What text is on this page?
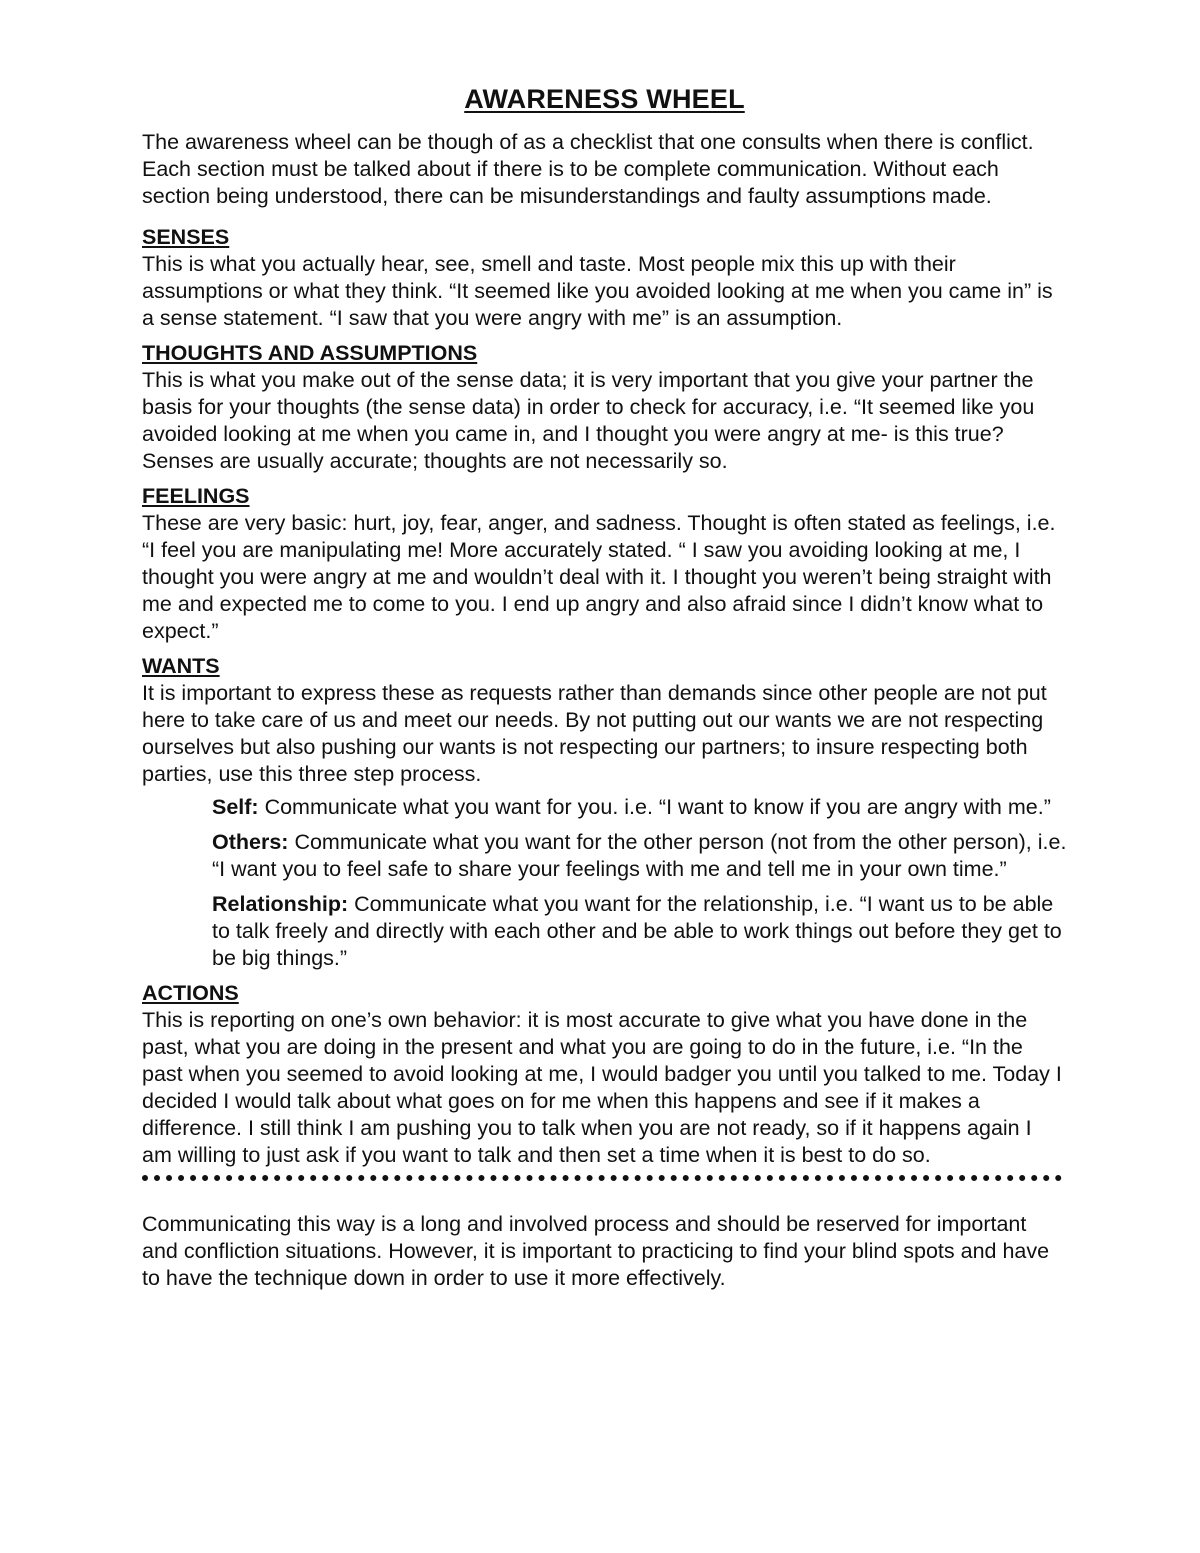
AWARENESS WHEEL

The awareness wheel can be though of as a checklist that one consults when there is conflict. Each section must be talked about if there is to be complete communication. Without each section being understood, there can be misunderstandings and faulty assumptions made.

SENSES

This is what you actually hear, see, smell and taste. Most people mix this up with their assumptions or what they think. “It seemed like you avoided looking at me when you came in” is a sense statement. “I saw that you were angry with me” is an assumption.

THOUGHTS AND ASSUMPTIONS

This is what you make out of the sense data; it is very important that you give your partner the basis for your thoughts (the sense data) in order to check for accuracy, i.e. “It seemed like you avoided looking at me when you came in, and I thought you were angry at me- is this true? Senses are usually accurate; thoughts are not necessarily so.

FEELINGS

These are very basic: hurt, joy, fear, anger, and sadness. Thought is often stated as feelings, i.e. “I feel you are manipulating me! More accurately stated. “ I saw you avoiding looking at me, I thought you were angry at me and wouldn’t deal with it. I thought you weren’t being straight with me and expected me to come to you. I end up angry and also afraid since I didn’t know what to expect.”

WANTS

It is important to express these as requests rather than demands since other people are not put here to take care of us and meet our needs. By not putting out our wants we are not respecting ourselves but also pushing our wants is not respecting our partners; to insure respecting both parties, use this three step process.

Self: Communicate what you want for you. i.e. “I want to know if you are angry with me.”

Others: Communicate what you want for the other person (not from the other person), i.e. “I want you to feel safe to share your feelings with me and tell me in your own time.”

Relationship: Communicate what you want for the relationship, i.e. “I want us to be able to talk freely and directly with each other and be able to work things out before they get to be big things.”

ACTIONS

This is reporting on one’s own behavior: it is most accurate to give what you have done in the past, what you are doing in the present and what you are going to do in the future, i.e. “In the past when you seemed to avoid looking at me, I would badger you until you talked to me. Today I decided I would talk about what goes on for me when this happens and see if it makes a difference. I still think I am pushing you to talk when you are not ready, so if it happens again I am willing to just ask if you want to talk and then set a time when it is best to do so.

Communicating this way is a long and involved process and should be reserved for important and confliction situations. However, it is important to practicing to find your blind spots and have to have the technique down in order to use it more effectively.
